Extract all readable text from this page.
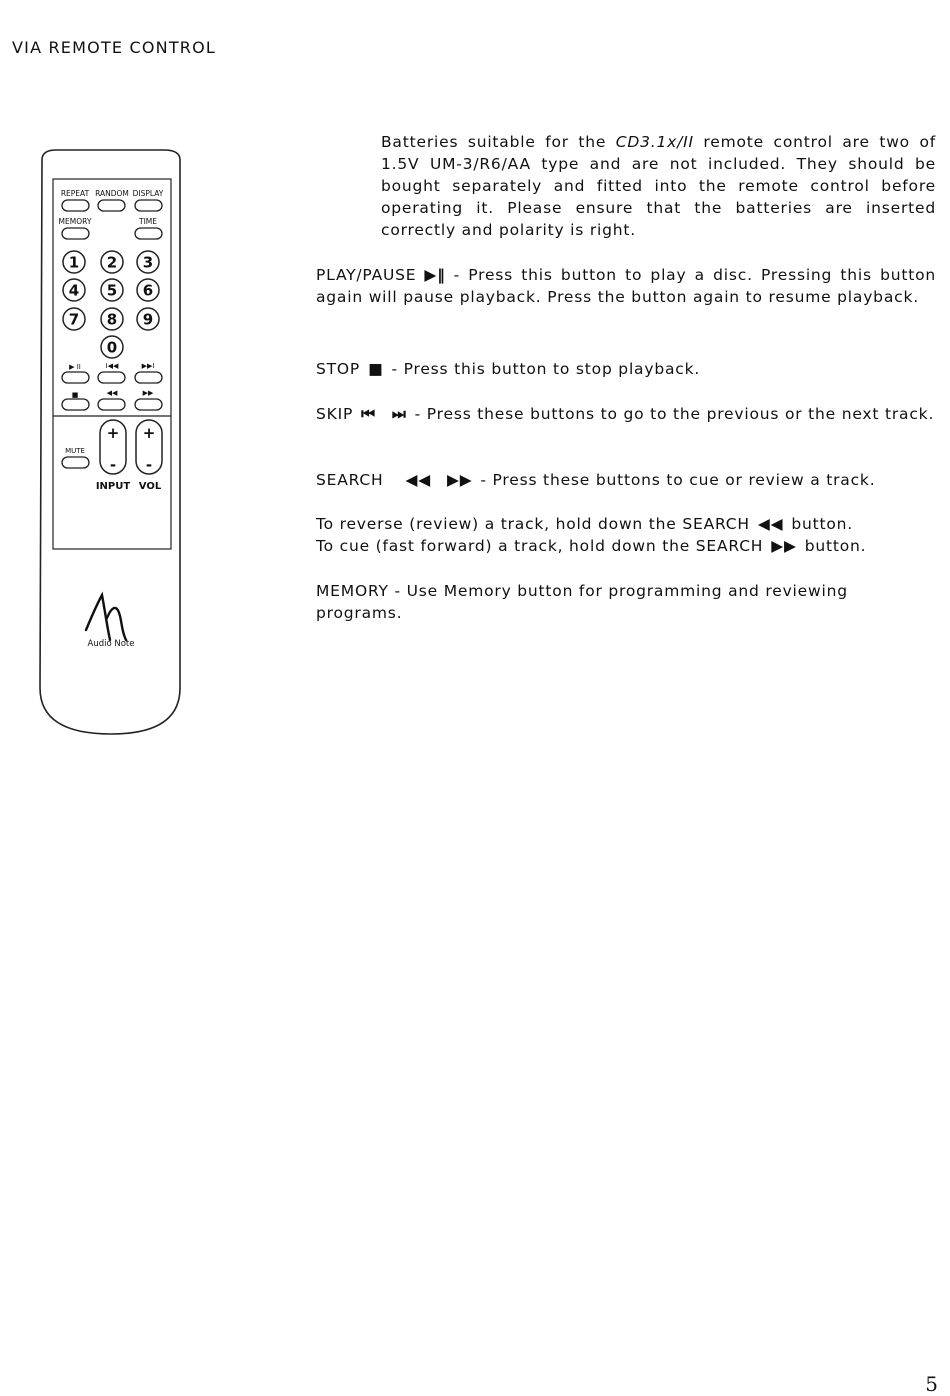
VIA REMOTE CONTROL
REPEAT RANDOM DISPLAY
MEMORY	TIME
1 2 3
4 5 6
7 8 9
0
▶ II	I◀◀	▶▶I
■	◀◀	▶▶
MUTE
+
-
+
-
INPUT VOL
Audio Note

Batteries suitable for the CD3.1x/II remote control are two of 1.5V UM-3/R6/AA type and are not included. They should be bought separately and fitted into the remote control before operating it. Please ensure that the batteries are inserted correctly and polarity is right.

PLAY/PAUSE ▶‖ - Press this button to play a disc. Pressing this button again will pause playback. Press the button again to resume playback.

STOP ■ - Press this button to stop playback.

SKIP ⏮ ⏭ - Press these buttons to go to the previous or the next track.

SEARCH ◀◀ ▶▶ - Press these buttons to cue or review a track.

To reverse (review) a track, hold down the SEARCH ◀◀ button.
To cue (fast forward) a track, hold down the SEARCH ▶▶ button.

MEMORY - Use Memory button for programming and reviewing programs.

5
